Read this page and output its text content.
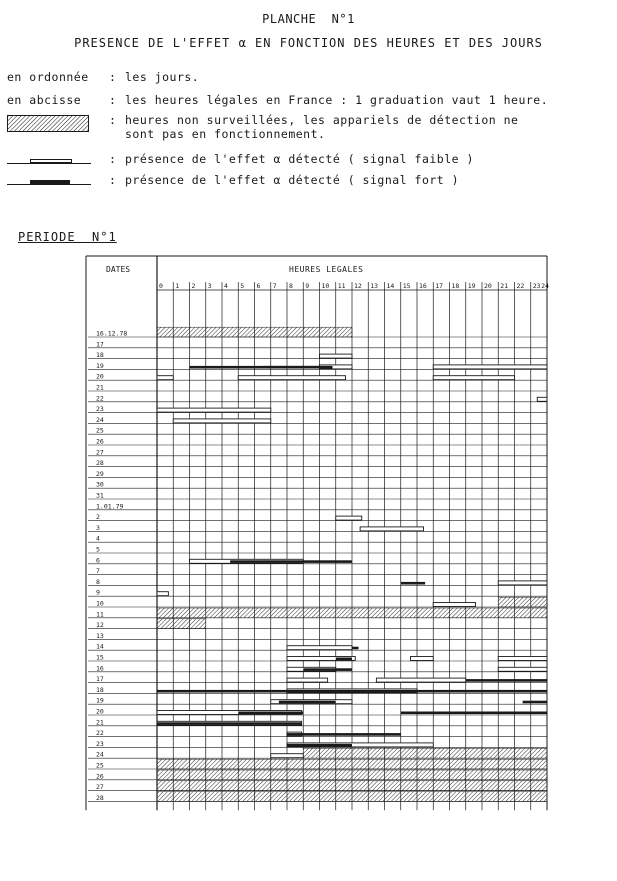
PLANCHE  N°1
PRESENCE DE L'EFFET α EN FONCTION DES HEURES ET DES JOURS
en ordonnée : les jours.
en abcisse : les heures légales en France : 1 graduation vaut 1 heure.
: heures non surveillées, les appariels de détection ne
sont pas en fonctionnement.
: présence de l'effet α détecté ( signal faible )
: présence de l'effet α détecté ( signal fort )
PERIODE  N°1
DATES	HEURES LEGALES
0 1 2 3 4 5 6 7 8 9 10 11 12 13 14 15 16 17 18 19 20 21 22 23 24
16.12.78
17
18
19
20
21
22
23
24
25
26
27
28
29
30
31
1.01.79
2
3
4
5
6
7
8
9
10
11
12
13
14
15
16
17
18
19
20
21
22
23
24
25
26
27
28
